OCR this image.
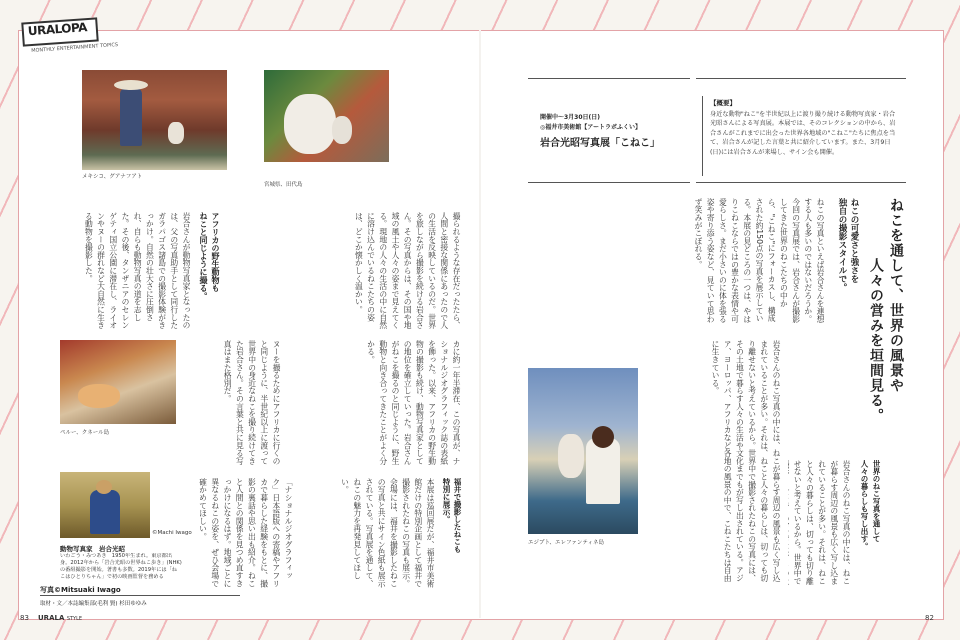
URALOPA
MONTHLY ENTERTAINMENT TOPICS
メキシコ、グアナフアト
宮城県、田代島
撮られるような存在だったたら、人間と密接な関係にあったので人の生活を反映しているのだ。世界を旅しながら撮影を続ける岩合さん。その写真からは、その国や地域の風土や人々の姿まで見えてくる。現地の人々の生活の中に自然に溶け込んでいるねこたちの姿は、どこか懐かしく温かい。
アフリカの野生動物も
ねこと同じように撮る。
岩合さんが動物写真家となったのは、父の写真助手として同行したガラパゴス諸島での撮影体験がきっかけ。自然の壮大さに圧倒され、自らも動物写真の道を志した。その後、タンザニアのセレンゲティ国立公園に滞在し、ライオンやヌーの群れなど大自然に生きる動物を撮影した。
ペルー、クネール島	ヌーを撮るためにアフリカに行くのと同じように、半世紀以上に渡って世界中の身近なねこを撮り続けてきた岩合さん。その言葉と共に見る写真はまた格別だ。	カに約一年半滞在、この写真が、ナショナルジオグラフィック誌の表紙を飾った。以来、アフリカの野生動物の撮影も続け、動物写真家としての地位を確立していった。岩合さんがねこを撮るのと同じように、野生動物と向き合ってきたことがよく分かる。
©Machi Iwago
動物写真家　岩合光昭
いわごう・みつあき　1950年生まれ。東京都出身。2012年から「岩合光昭の世界ねこ歩き」(NHK)の番組撮影を開始。著書も多数。2019年には「ねこはひとりちゃん」で初の映画監督を務める
福井で撮影したねこも
特別に展示。
本展は巡回展だが、福井市美術館だけの特別企画として福井で撮影されたねこの写真も展示。会場には、福井を撮影したねこの写真と共にサイン色紙も展示されている。写真展を通して、ねこの魅力を再発見してほしい。
「ナショナルジオグラフィック」日本語版への寄稿やアフリカで暮らした経験をもとに、撮影の裏話や思い出も紹介。ねこと人間との関係を見つめ直すきっかけになるはず。地域ごとに異なるねこの姿を、ぜひ会場で確かめてほしい。
写真©Mitsuaki Iwago
取材・文／本誌編集部(毛利 賢) 杉田ゆゆみ
83 URALA STYLE	82
開催中～3月30日(日)
◎福井市美術館【アートラボふくい】
岩合光昭写真展「こねこ」
【概要】
身近な動物"ねこ"を半世紀以上に渡り撮り続ける動物写真家・岩合光昭さんによる写真展。本展では、そのコレクションの中から、岩合さんがこれまでに出会った世界各地域の"こねこ"たちに焦点を当て、岩合さんが記した言葉と共に紹介しています。また、3月9日(日)には岩合さんが来場し、サイン会も開催。
ねこを通して、世界の風景や
人々の営みを垣間見る。
ねこの可愛さと強さを
独自の撮影スタイルで。
ねこの写真といえば岩合さんを連想する人も多いのではないだろうか。今回の写真展では、岩合さんが撮影してきた世界のねこたちの中から、"こねこ"にフォーカスし、構成された約150点の写真を展示している。本展の見どころの一つは、やはりこねこならではの豊かな表情や可愛らしさ。まだ小さいのに体を張る姿や寄り添う姿など、見ていて思わず笑みがこぼれる。
岩合さんのねこ写真の中には、ねこが暮らす周辺の風景も広く写し込まれていることが多い。それは、ねこと人々の暮らしは、切っても切り離せないと考えているから。世界中で撮影されたねこの写真には、その土地で暮らす人々の生活や文化までもが写し出されている。アジア、ヨーロッパ、アフリカなど各地の風景の中で、こねこたちは自由に生きている。
世界のねこ写真を通して
人々の暮らしも写し出す。
岩合さんのねこ写真の中には、ねこが暮らす周辺の風景も広く写し込まれていることが多い。それは、ねこと人々の暮らしは、切っても切り離せないと考えているから。世界中で
エジプト、エレファンティネ島
